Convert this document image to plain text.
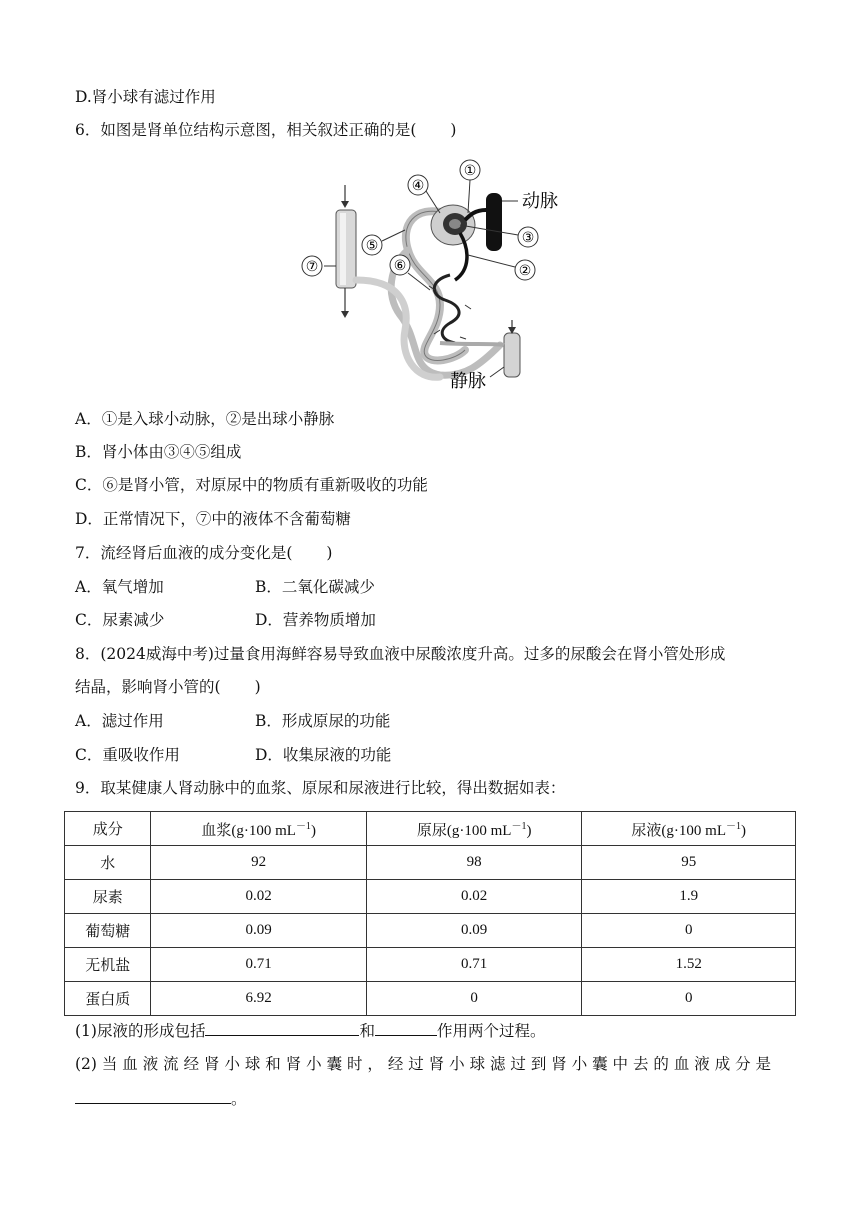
D.肾小球有滤过作用
6．如图是肾单位结构示意图，相关叙述正确的是( )
⑦
动脉
静脉
①
④
③
②
⑤
⑥
A．①是入球小动脉，②是出球小静脉
B．肾小体由③④⑤组成
C．⑥是肾小管，对原尿中的物质有重新吸收的功能
D．正常情况下，⑦中的液体不含葡萄糖
7．流经肾后血液的成分变化是( )
A．氧气增加	B．二氧化碳减少
C．尿素减少	D．营养物质增加
8．(2024威海中考)过量食用海鲜容易导致血液中尿酸浓度升高。过多的尿酸会在肾小管处形成
结晶，影响肾小管的( )
A．滤过作用	B．形成原尿的功能
C．重吸收作用	D．收集尿液的功能
9．取某健康人肾动脉中的血浆、原尿和尿液进行比较，得出数据如表：
成分	血浆(g·100 $mL^{-1}$)	原尿(g·100 $mL^{-1}$)	尿液(g·100 $mL^{-1}$)
水	92	98	95
尿素	0.02	0.02	1.9
葡萄糖	0.09	0.09	0
无机盐	0.71	0.71	1.52
蛋白质	6.92	0	0
(1)尿液的形成包括	和	作用两个过程。
(2) 当 血 液 流 经 肾 小 球 和 肾 小 囊 时 ， 经 过 肾 小 球 滤 过 到 肾 小 囊 中 去 的 血 液 成 分 是
。
